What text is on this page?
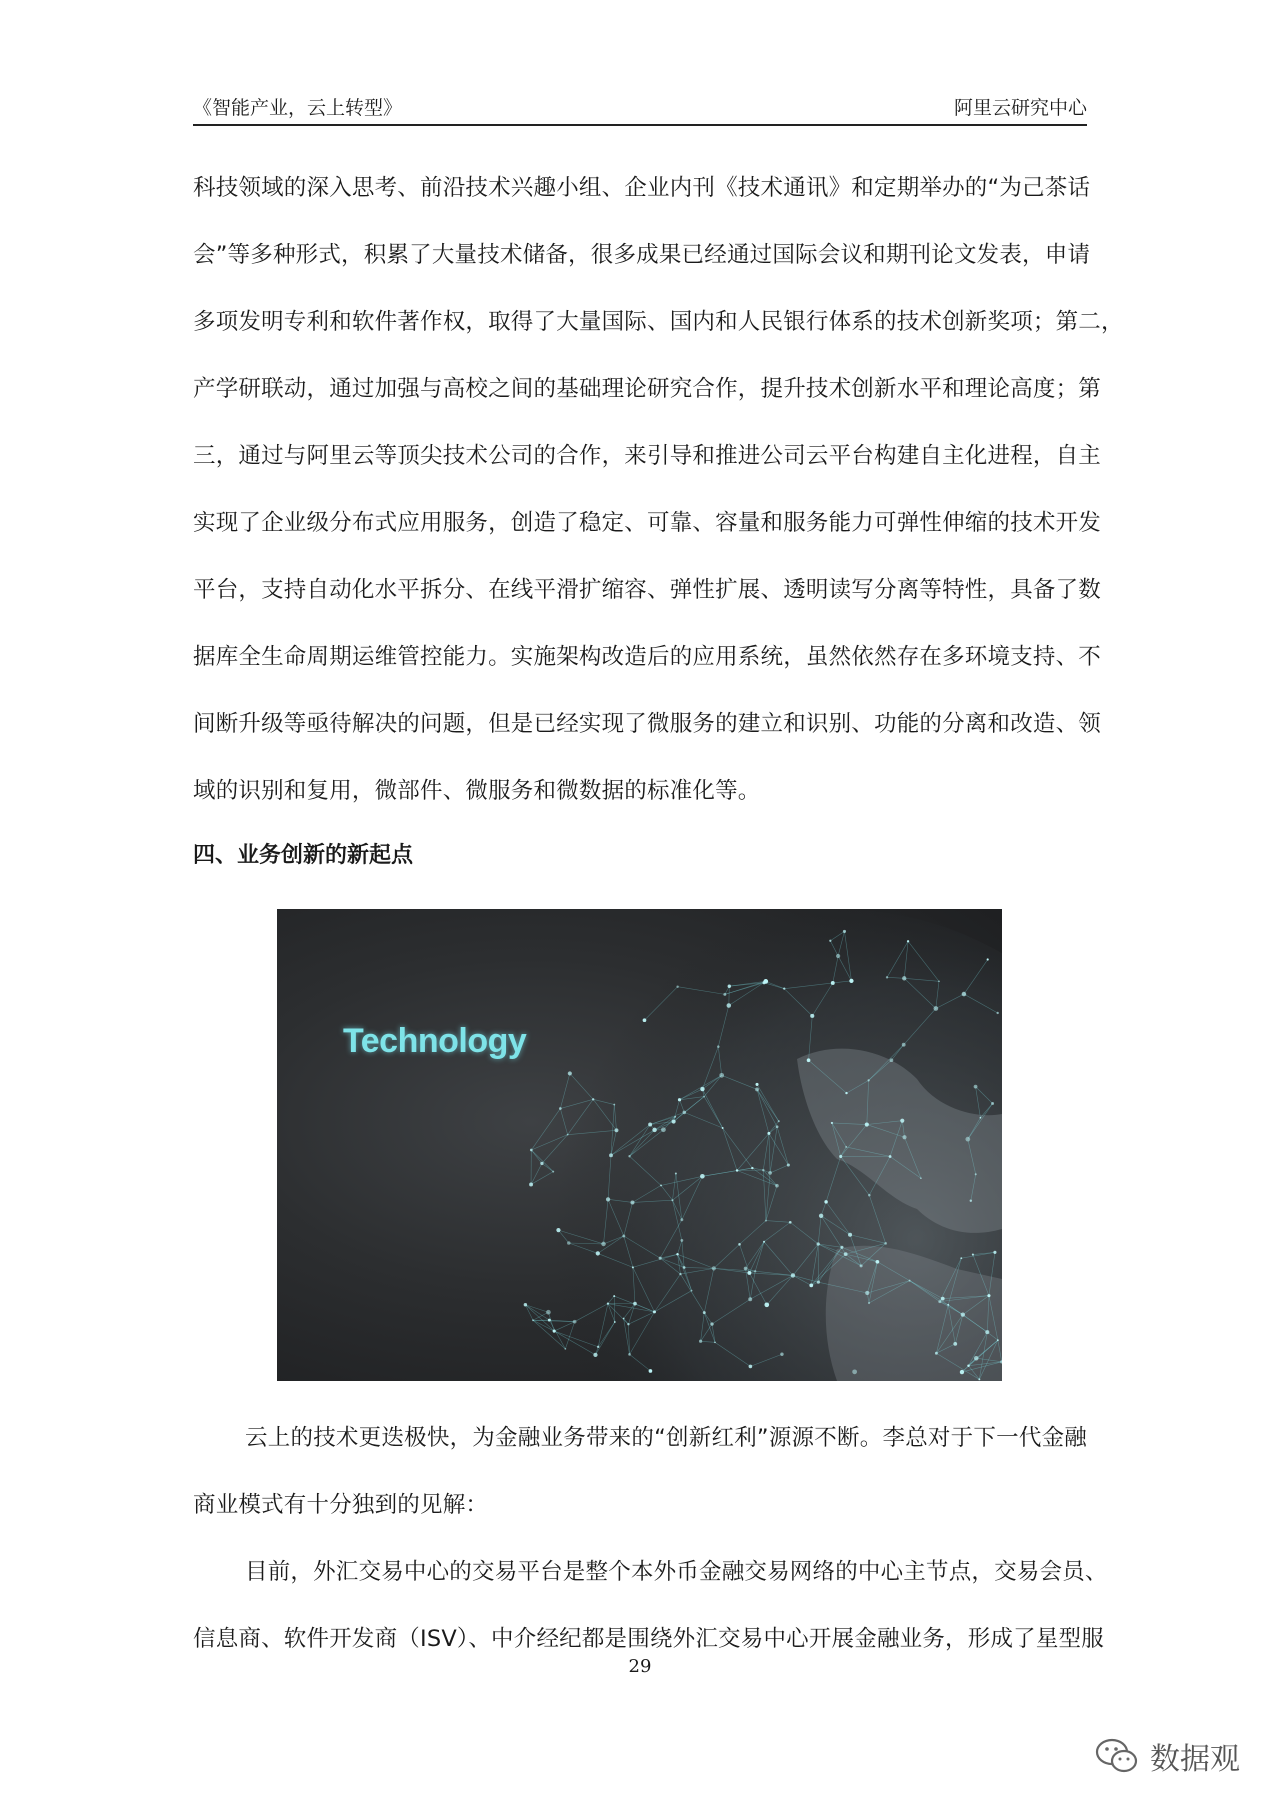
《智能产业，云上转型》	阿里云研究中心
科技领域的深入思考、前沿技术兴趣小组、企业内刊《技术通讯》和定期举办的“为己茶话
会”等多种形式，积累了大量技术储备，很多成果已经通过国际会议和期刊论文发表，申请
多项发明专利和软件著作权，取得了大量国际、国内和人民银行体系的技术创新奖项；第二，
产学研联动，通过加强与高校之间的基础理论研究合作，提升技术创新水平和理论高度；第
三，通过与阿里云等顶尖技术公司的合作，来引导和推进公司云平台构建自主化进程，自主
实现了企业级分布式应用服务，创造了稳定、可靠、容量和服务能力可弹性伸缩的技术开发
平台，支持自动化水平拆分、在线平滑扩缩容、弹性扩展、透明读写分离等特性，具备了数
据库全生命周期运维管控能力。实施架构改造后的应用系统，虽然依然存在多环境支持、不
间断升级等亟待解决的问题，但是已经实现了微服务的建立和识别、功能的分离和改造、领
域的识别和复用，微部件、微服务和微数据的标准化等。
四、业务创新的新起点
云上的技术更迭极快，为金融业务带来的“创新红利”源源不断。李总对于下一代金融
商业模式有十分独到的见解：
目前，外汇交易中心的交易平台是整个本外币金融交易网络的中心主节点，交易会员、
信息商、软件开发商（ISV）、中介经纪都是围绕外汇交易中心开展金融业务，形成了星型服
Technology
29
数据观
